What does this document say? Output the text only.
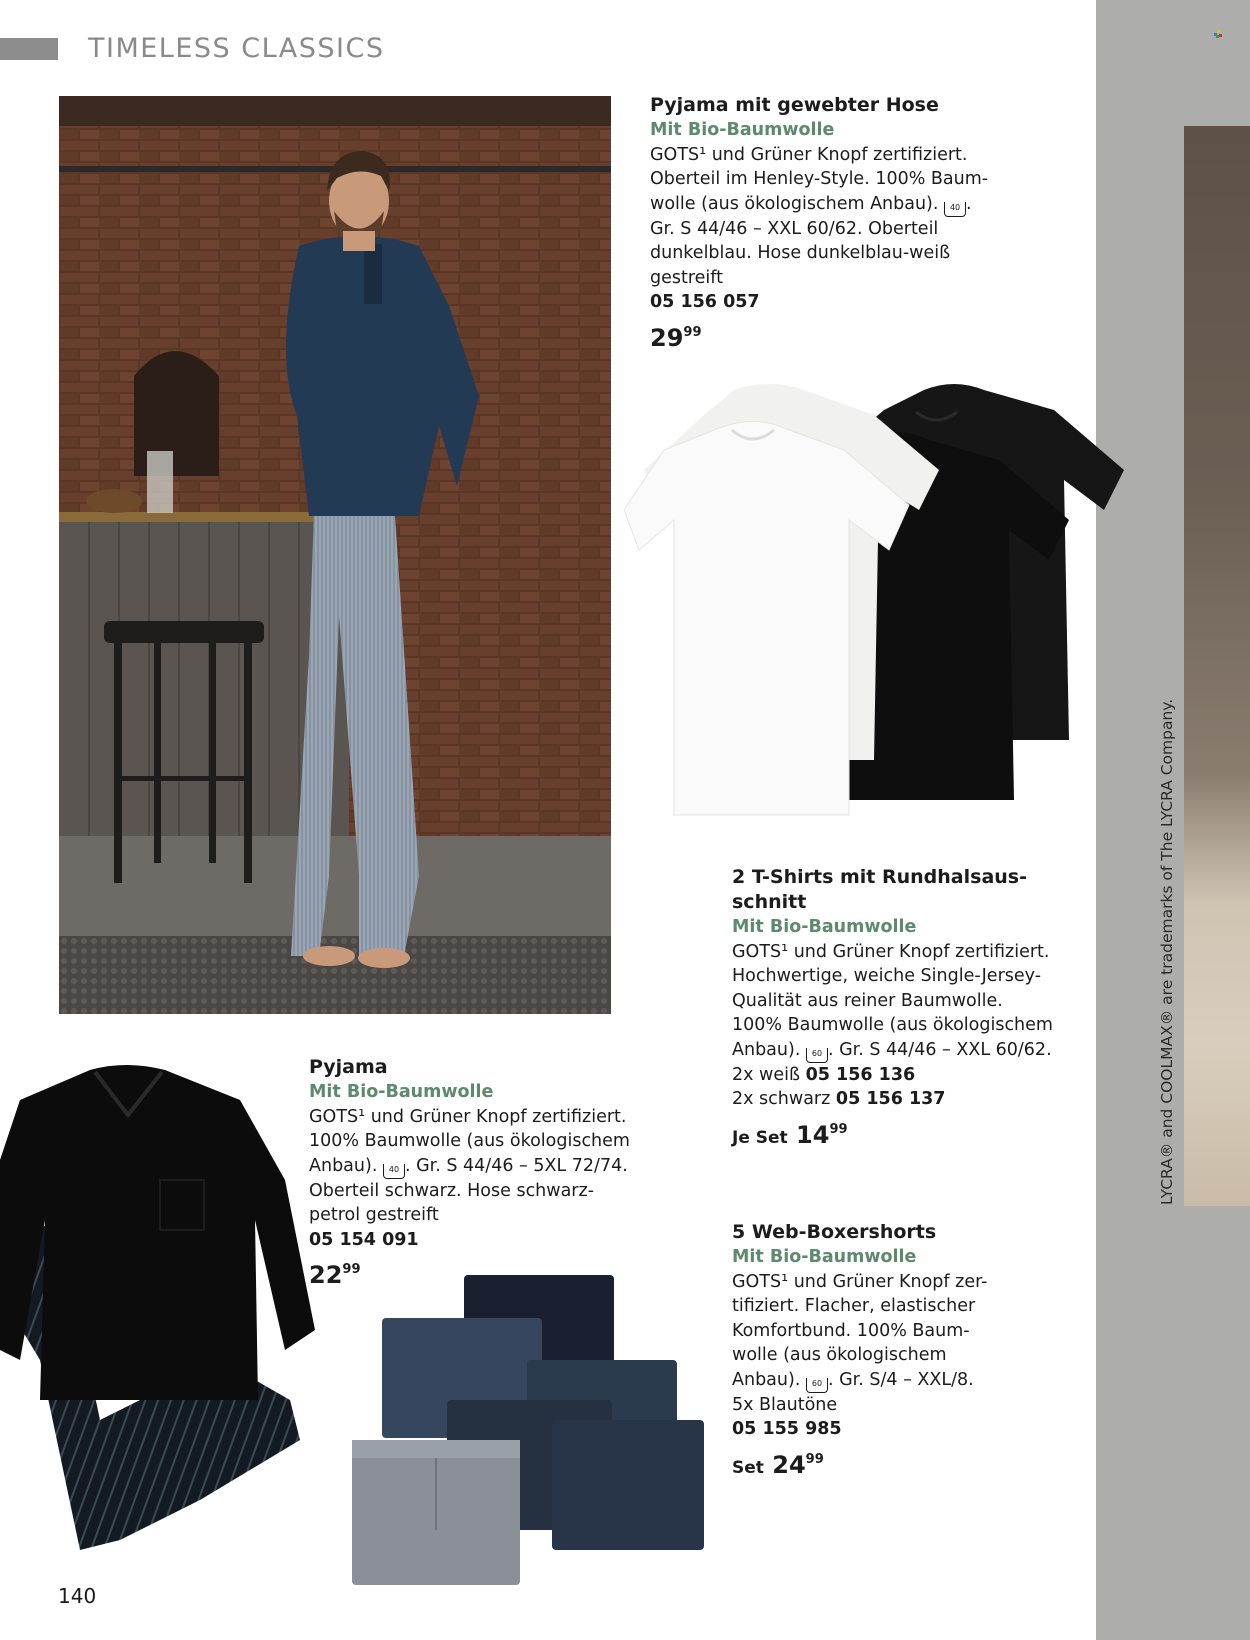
TIMELESS CLASSICS
LYCRA® and COOLMAX® are trademarks of The LYCRA Company.
Pyjama mit gewebter Hose
Mit Bio-Baumwolle
GOTS¹ und Grüner Knopf zertifiziert.
Oberteil im Henley-Style. 100% Baum-
wolle (aus ökologischem Anbau). 40 .
Gr. S 44/46 – XXL 60/62. Oberteil
dunkelblau. Hose dunkelblau-weiß
gestreift
05 156 057
$29^{99}$
2 T-Shirts mit Rundhalsaus-
schnitt
Mit Bio-Baumwolle
GOTS¹ und Grüner Knopf zertifiziert.
Hochwertige, weiche Single-Jersey-
Qualität aus reiner Baumwolle.
100% Baumwolle (aus ökologischem
Anbau). 60 . Gr. S 44/46 – XXL 60/62.
2x weiß 05 156 136
2x schwarz 05 156 137
Je Set $14^{99}$
Pyjama
Mit Bio-Baumwolle
GOTS¹ und Grüner Knopf zertifiziert.
100% Baumwolle (aus ökologischem
Anbau). 40 . Gr. S 44/46 – 5XL 72/74.
Oberteil schwarz. Hose schwarz-
petrol gestreift
05 154 091
$22^{99}$
5 Web-Boxershorts
Mit Bio-Baumwolle
GOTS¹ und Grüner Knopf zer-
tifiziert. Flacher, elastischer
Komfortbund. 100% Baum-
wolle (aus ökologischem
Anbau). 60 . Gr. S/4 – XXL/8.
5x Blautöne
05 155 985
Set $24^{99}$
140
